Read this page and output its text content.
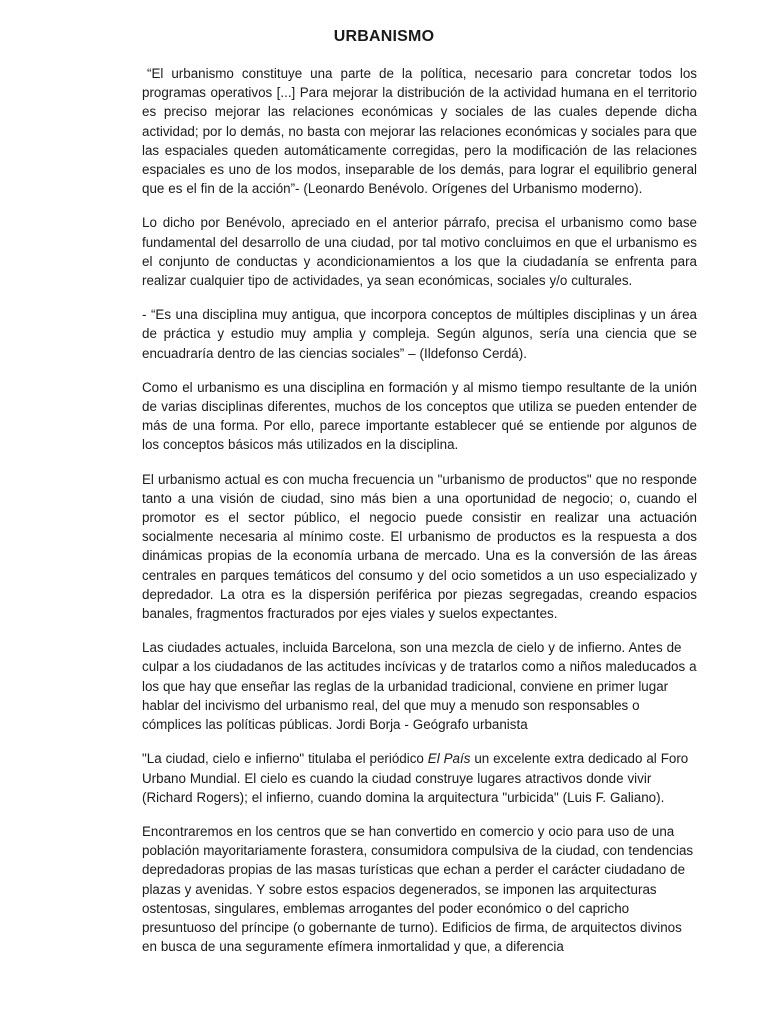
URBANISMO

“El urbanismo constituye una parte de la política, necesario para concretar todos los programas operativos [...] Para mejorar la distribución de la actividad humana en el territorio es preciso mejorar las relaciones económicas y sociales de las cuales depende dicha actividad; por lo demás, no basta con mejorar las relaciones económicas y sociales para que las espaciales queden automáticamente corregidas, pero la modificación de las relaciones espaciales es uno de los modos, inseparable de los demás, para lograr el equilibrio general que es el fin de la acción”- (Leonardo Benévolo. Orígenes del Urbanismo moderno).

Lo dicho por Benévolo, apreciado en el anterior párrafo, precisa el urbanismo como base fundamental del desarrollo de una ciudad, por tal motivo concluimos en que el urbanismo es el conjunto de conductas y acondicionamientos a los que la ciudadanía se enfrenta para realizar cualquier tipo de actividades, ya sean económicas, sociales y/o culturales.

- “Es una disciplina muy antigua, que incorpora conceptos de múltiples disciplinas y un área de práctica y estudio muy amplia y compleja. Según algunos, sería una ciencia que se encuadraría dentro de las ciencias sociales” – (Ildefonso Cerdá).

Como el urbanismo es una disciplina en formación y al mismo tiempo resultante de la unión de varias disciplinas diferentes, muchos de los conceptos que utiliza se pueden entender de más de una forma. Por ello, parece importante establecer qué se entiende por algunos de los conceptos básicos más utilizados en la disciplina.

El urbanismo actual es con mucha frecuencia un "urbanismo de productos" que no responde tanto a una visión de ciudad, sino más bien a una oportunidad de negocio; o, cuando el promotor es el sector público, el negocio puede consistir en realizar una actuación socialmente necesaria al mínimo coste. El urbanismo de productos es la respuesta a dos dinámicas propias de la economía urbana de mercado. Una es la conversión de las áreas centrales en parques temáticos del consumo y del ocio sometidos a un uso especializado y depredador. La otra es la dispersión periférica por piezas segregadas, creando espacios banales, fragmentos fracturados por ejes viales y suelos expectantes.

Las ciudades actuales, incluida Barcelona, son una mezcla de cielo y de infierno. Antes de culpar a los ciudadanos de las actitudes incívicas y de tratarlos como a niños maleducados a los que hay que enseñar las reglas de la urbanidad tradicional, conviene en primer lugar hablar del incivismo del urbanismo real, del que muy a menudo son responsables o cómplices las políticas públicas. Jordi Borja - Geógrafo urbanista

"La ciudad, cielo e infierno" titulaba el periódico El País un excelente extra dedicado al Foro Urbano Mundial. El cielo es cuando la ciudad construye lugares atractivos donde vivir (Richard Rogers); el infierno, cuando domina la arquitectura "urbicida" (Luis F. Galiano).

Encontraremos en los centros que se han convertido en comercio y ocio para uso de una población mayoritariamente forastera, consumidora compulsiva de la ciudad, con tendencias depredadoras propias de las masas turísticas que echan a perder el carácter ciudadano de plazas y avenidas. Y sobre estos espacios degenerados, se imponen las arquitecturas ostentosas, singulares, emblemas arrogantes del poder económico o del capricho presuntuoso del príncipe (o gobernante de turno). Edificios de firma, de arquitectos divinos en busca de una seguramente efímera inmortalidad y que, a diferencia
